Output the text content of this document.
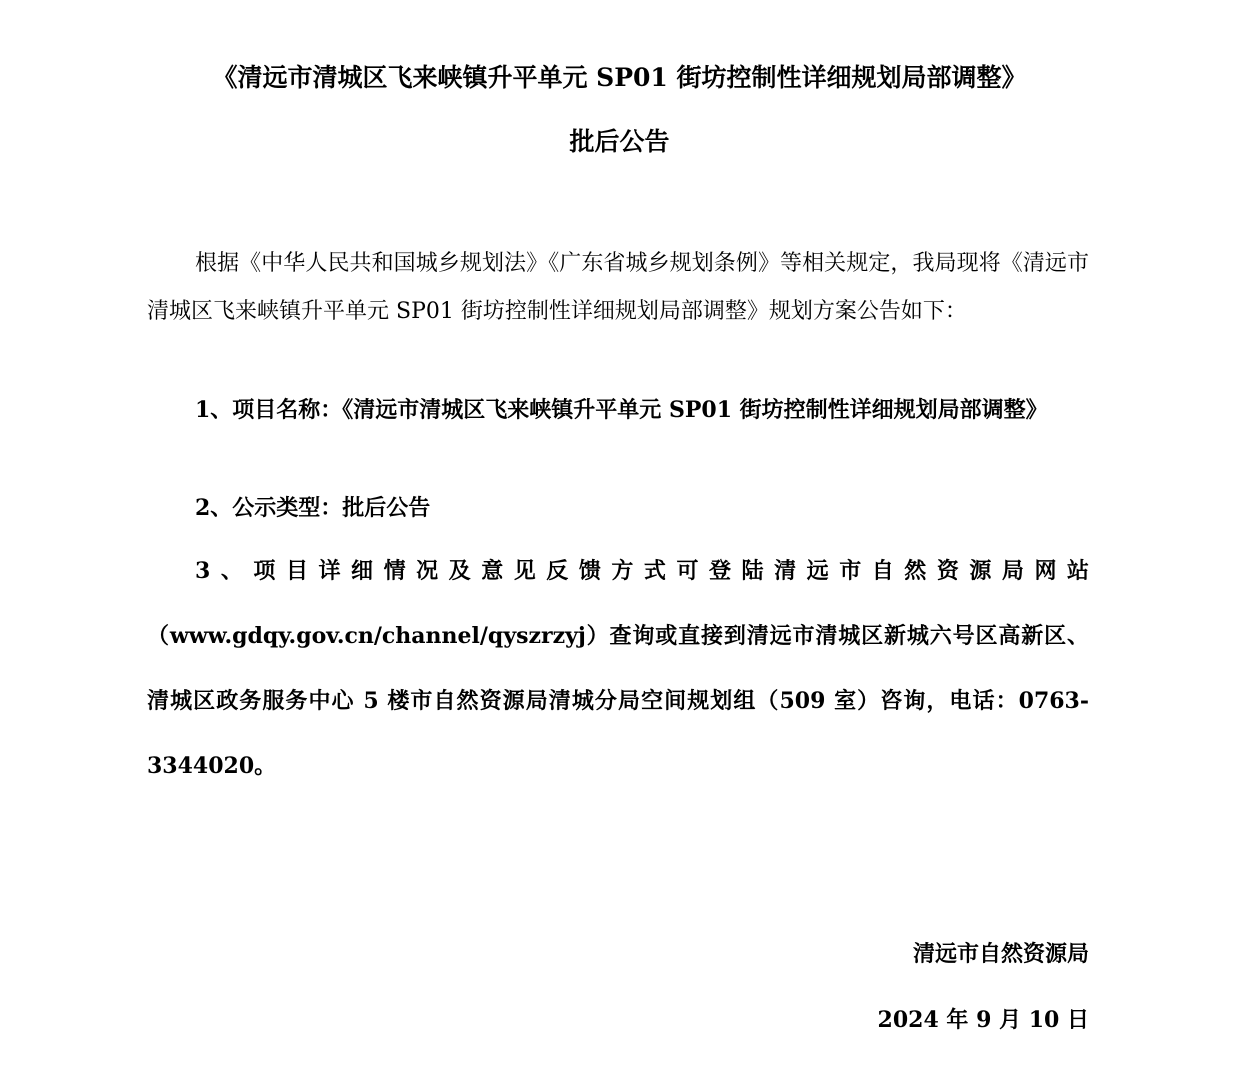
《清远市清城区飞来峡镇升平单元 SP01 街坊控制性详细规划局部调整》
批后公告

根据《中华人民共和国城乡规划法》《广东省城乡规划条例》等相关规定，我局现将《清远市清城区飞来峡镇升平单元 SP01 街坊控制性详细规划局部调整》规划方案公告如下：

1、项目名称：《清远市清城区飞来峡镇升平单元 SP01 街坊控制性详细规划局部调整》

2、公示类型：批后公告

3、项目详细情况及意见反馈方式可登陆清远市自然资源局网站（www.gdqy.gov.cn/channel/qyszrzyj）查询或直接到清远市清城区新城六号区高新区、清城区政务服务中心 5 楼市自然资源局清城分局空间规划组（509 室）咨询，电话：0763-3344020。

清远市自然资源局
2024 年 9 月 10 日
